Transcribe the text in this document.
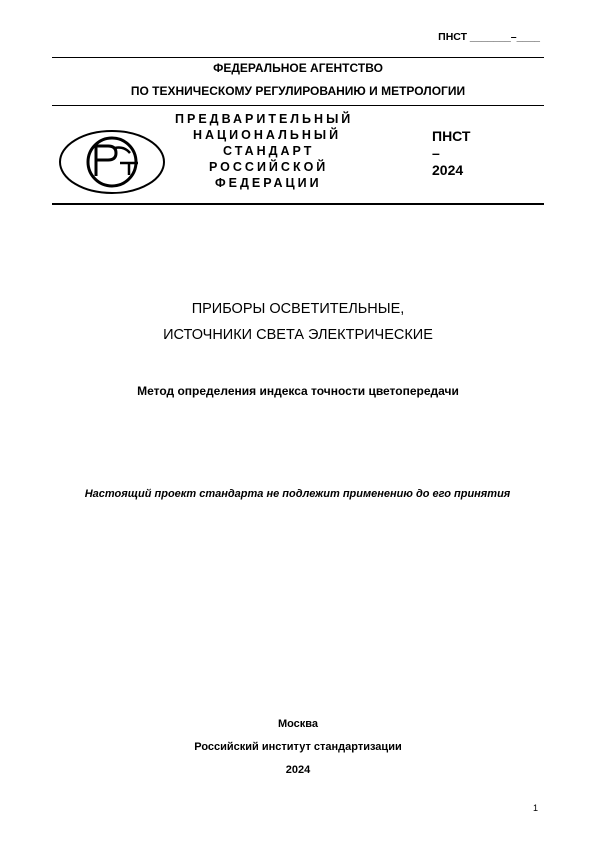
ПНСТ _______–____
ФЕДЕРАЛЬНОЕ АГЕНТСТВО
ПО ТЕХНИЧЕСКОМУ РЕГУЛИРОВАНИЮ И МЕТРОЛОГИИ
ПРЕДВАРИТЕЛЬНЫЙ
НАЦИОНАЛЬНЫЙ
СТАНДАРТ
РОССИЙСКОЙ
ФЕДЕРАЦИИ
ПНСТ
–
2024
ПРИБОРЫ ОСВЕТИТЕЛЬНЫЕ,
ИСТОЧНИКИ СВЕТА ЭЛЕКТРИЧЕСКИЕ
Метод определения индекса точности цветопередачи
Настоящий проект стандарта не подлежит применению до его принятия
Москва
Российский институт стандартизации
2024
1
